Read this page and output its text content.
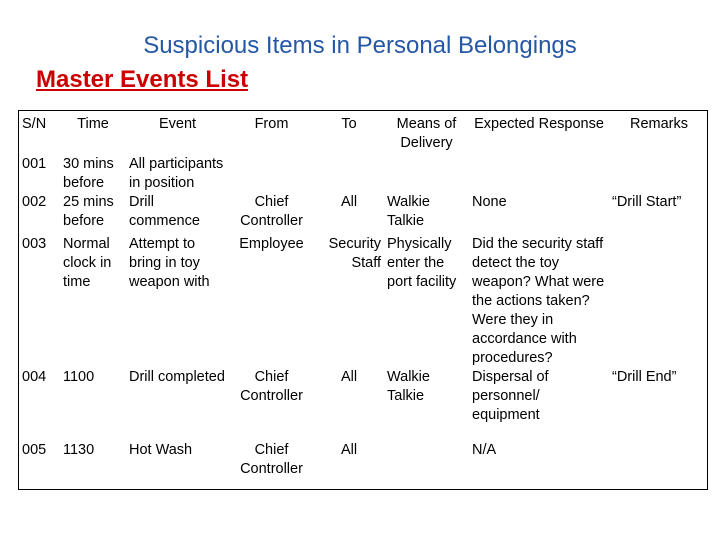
Suspicious Items in Personal Belongings
Master Events List
S/N	Time	Event	From	To	Means of Delivery	Expected Response	Remarks
001	30 mins before	All participants in position					
002	25 mins before	Drill commence	Chief Controller	All	Walkie Talkie	None	“Drill Start”

003	Normal clock in time	Attempt to bring in toy weapon with	Employee	Security Staff	Physically enter the port facility	Did the security staff detect the toy weapon? What were the actions taken? Were they in accordance with procedures?	
004	1100	Drill completed	Chief Controller	All	Walkie Talkie	Dispersal of personnel/ equipment	“Drill End”

005	1130	Hot Wash	Chief Controller	All		N/A	
